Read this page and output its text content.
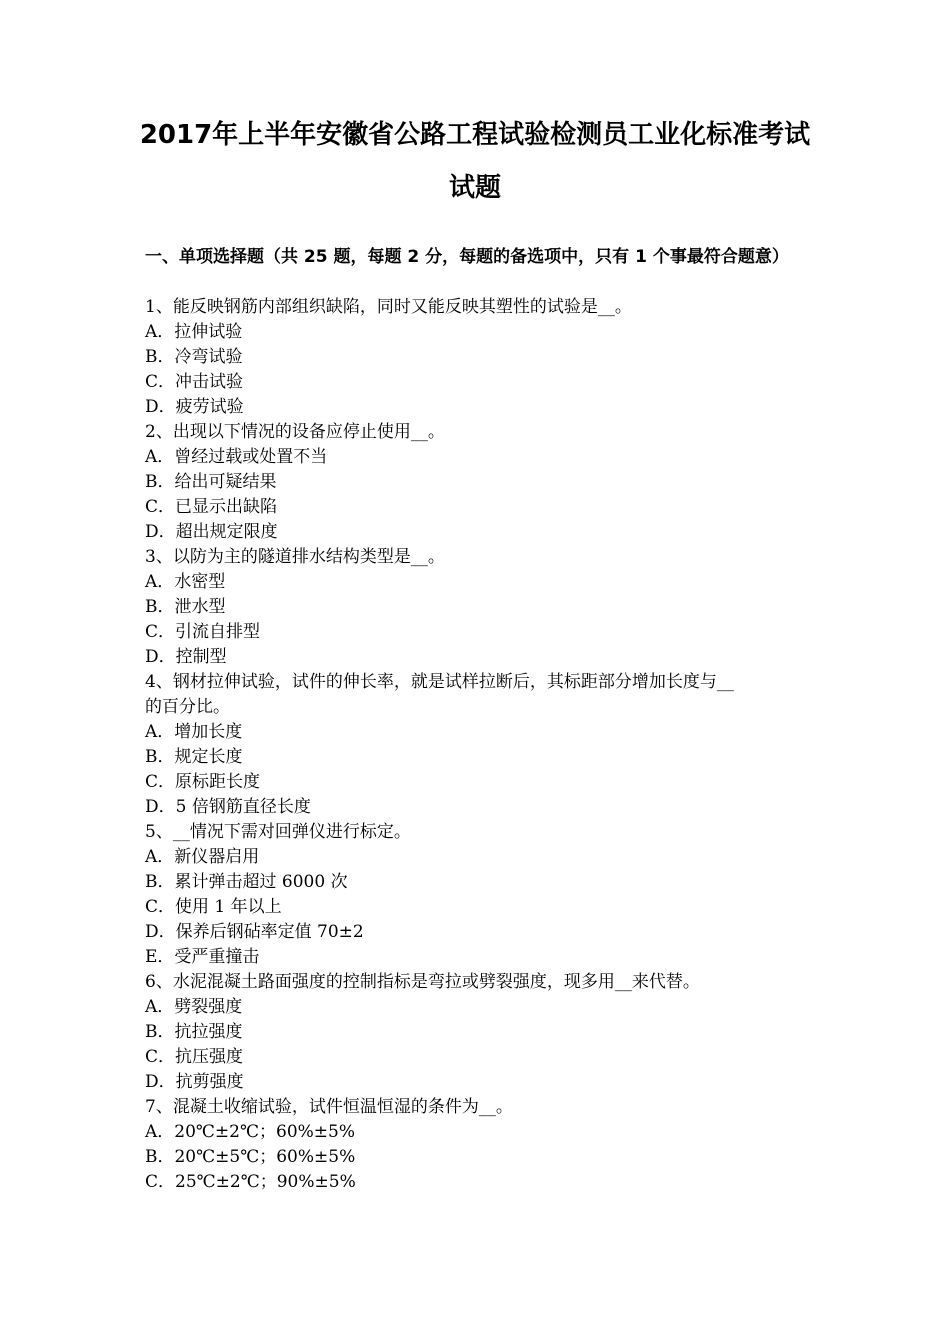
2017年上半年安徽省公路工程试验检测员工业化标准考试
试题
一、单项选择题（共 25 题，每题 2 分，每题的备选项中，只有 1 个事最符合题意）
1、能反映钢筋内部组织缺陷，同时又能反映其塑性的试验是__。
A．拉伸试验
B．冷弯试验
C．冲击试验
D．疲劳试验
2、出现以下情况的设备应停止使用__。
A．曾经过载或处置不当
B．给出可疑结果
C．已显示出缺陷
D．超出规定限度
3、以防为主的隧道排水结构类型是__。
A．水密型
B．泄水型
C．引流自排型
D．控制型
4、钢材拉伸试验，试件的伸长率，就是试样拉断后，其标距部分增加长度与__
的百分比。
A．增加长度
B．规定长度
C．原标距长度
D．5 倍钢筋直径长度
5、__情况下需对回弹仪进行标定。
A．新仪器启用
B．累计弹击超过 6000 次
C．使用 1 年以上
D．保养后钢砧率定值 70±2
E．受严重撞击
6、水泥混凝土路面强度的控制指标是弯拉或劈裂强度，现多用__来代替。
A．劈裂强度
B．抗拉强度
C．抗压强度
D．抗剪强度
7、混凝土收缩试验，试件恒温恒湿的条件为__。
A．20℃±2℃；60%±5%
B．20℃±5℃；60%±5%
C．25℃±2℃；90%±5%
